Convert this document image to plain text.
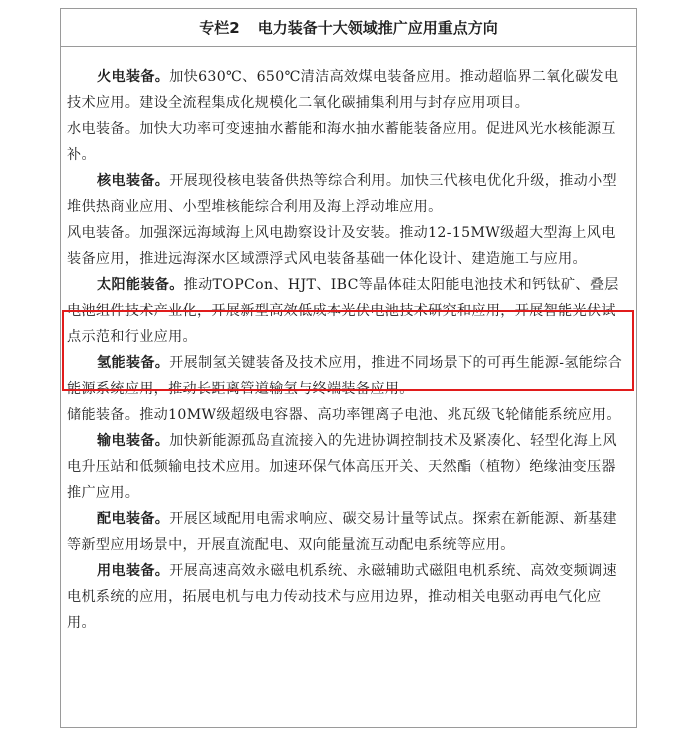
专栏2 电力装备十大领域推广应用重点方向

火电装备。加快630℃、650℃清洁高效煤电装备应用。推动超临界二氧化碳发电技术应用。建设全流程集成化规模化二氧化碳捕集利用与封存应用项目。

水电装备。加快大功率可变速抽水蓄能和海水抽水蓄能装备应用。促进风光水核能源互补。

核电装备。开展现役核电装备供热等综合利用。加快三代核电优化升级，推动小型堆供热商业应用、小型堆核能综合利用及海上浮动堆应用。

风电装备。加强深远海域海上风电勘察设计及安装。推动12-15MW级超大型海上风电装备应用，推进远海深水区域漂浮式风电装备基础一体化设计、建造施工与应用。

太阳能装备。推动TOPCon、HJT、IBC等晶体硅太阳能电池技术和钙钛矿、叠层电池组件技术产业化，开展新型高效低成本光伏电池技术研究和应用，开展智能光伏试点示范和行业应用。

氢能装备。开展制氢关键装备及技术应用，推进不同场景下的可再生能源-氢能综合能源系统应用，推动长距离管道输氢与终端装备应用。

储能装备。推动10MW级超级电容器、高功率锂离子电池、兆瓦级飞轮储能系统应用。

输电装备。加快新能源孤岛直流接入的先进协调控制技术及紧凑化、轻型化海上风电升压站和低频输电技术应用。加速环保气体高压开关、天然酯（植物）绝缘油变压器推广应用。

配电装备。开展区域配用电需求响应、碳交易计量等试点。探索在新能源、新基建等新型应用场景中，开展直流配电、双向能量流互动配电系统等应用。

用电装备。开展高速高效永磁电机系统、永磁辅助式磁阻电机系统、高效变频调速电机系统的应用，拓展电机与电力传动技术与应用边界，推动相关电驱动再电气化应用。
